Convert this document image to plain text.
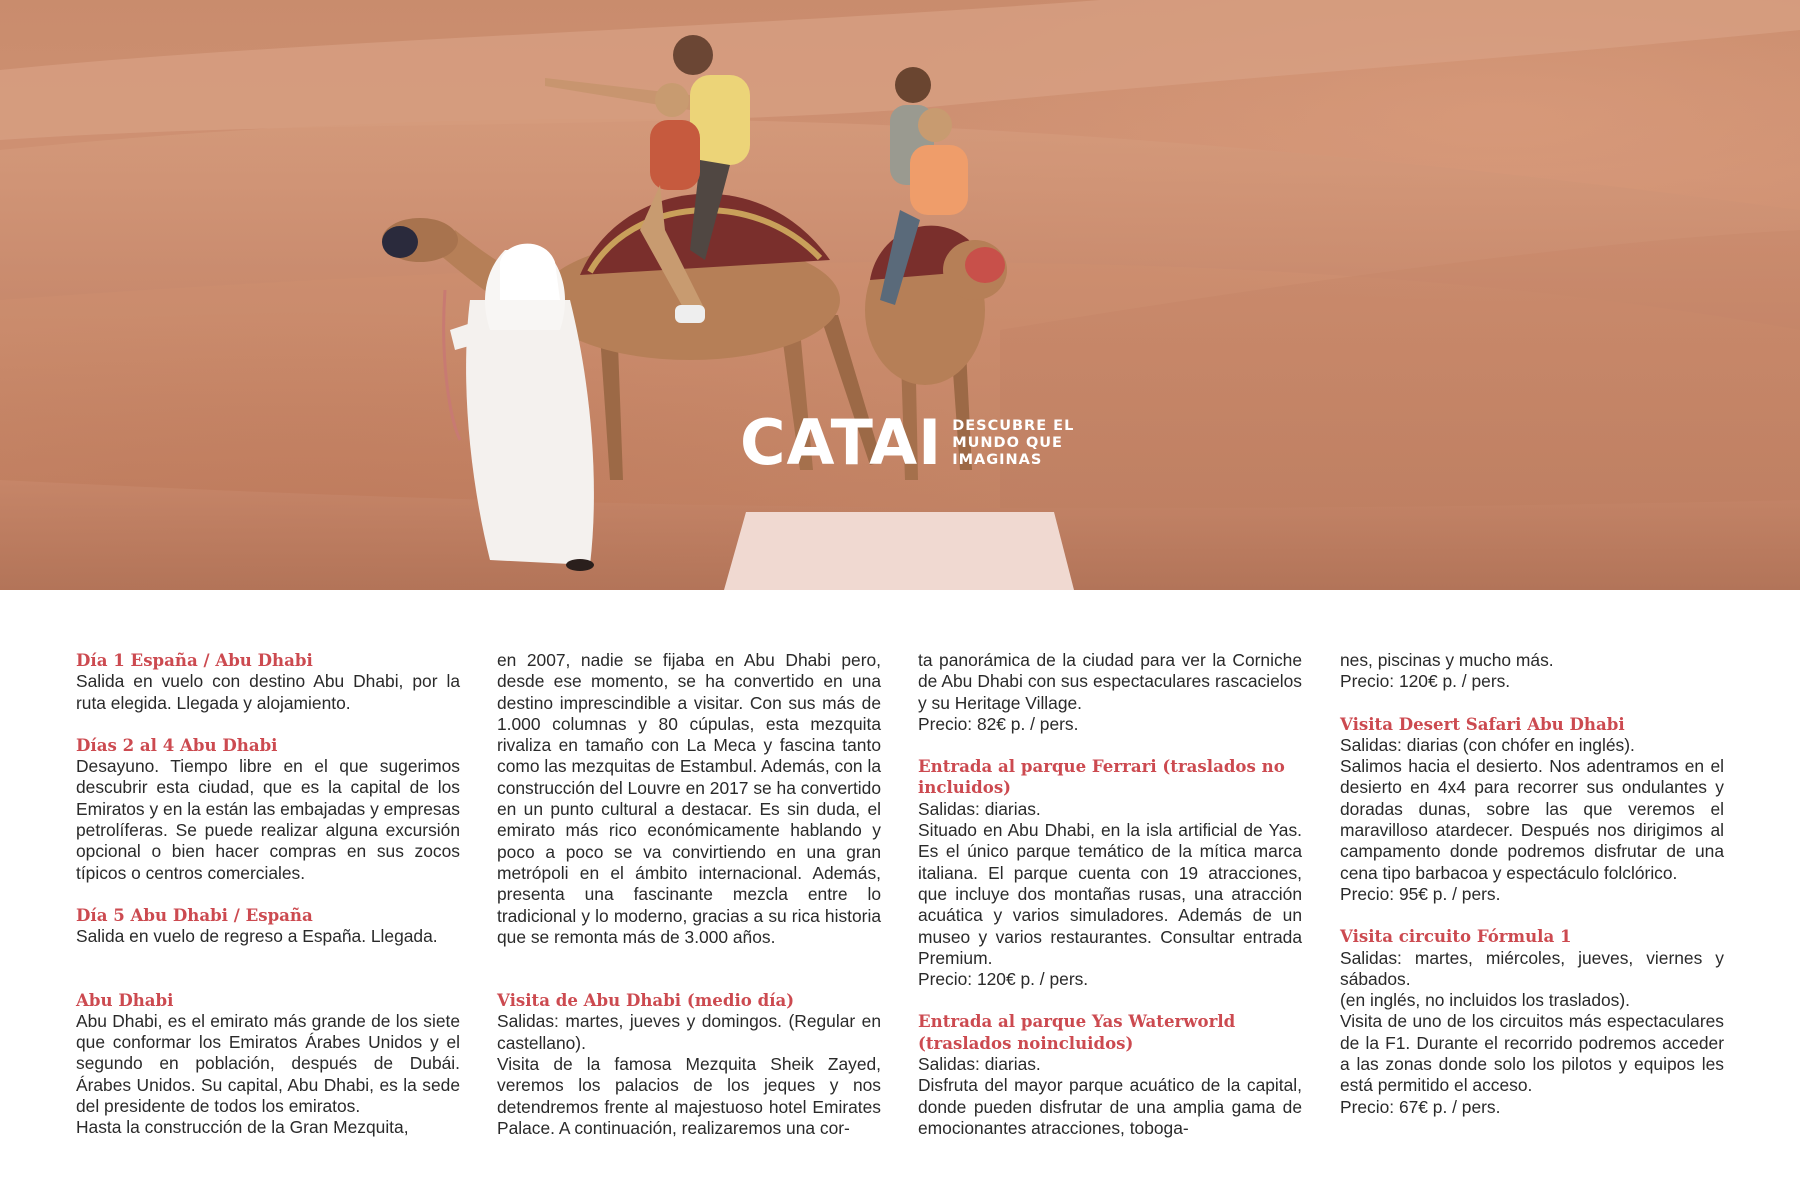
CATAI DESCUBRE EL
MUNDO QUE
IMAGINAS
Día 1 España / Abu Dhabi
Salida en vuelo con destino Abu Dhabi, por la ruta elegida. Llegada y alojamiento.
Días 2 al 4 Abu Dhabi
Desayuno. Tiempo libre en el que sugerimos descubrir esta ciudad, que es la capital de los Emiratos y en la están las embajadas y empresas petrolíferas. Se puede realizar alguna excursión opcional o bien hacer compras en sus zocos típicos o centros comerciales.
Día 5 Abu Dhabi / España
Salida en vuelo de regreso a España. Llegada.
Abu Dhabi
Abu Dhabi, es el emirato más grande de los siete que conformar los Emiratos Árabes Unidos y el segundo en población, después de Dubái. Árabes Unidos. Su capital, Abu Dhabi, es la sede del presidente de todos los emiratos.
Hasta la construcción de la Gran Mezquita,
en 2007, nadie se fijaba en Abu Dhabi pero, desde ese momento, se ha convertido en una destino imprescindible a visitar. Con sus más de 1.000 columnas y 80 cúpulas, esta mezquita rivaliza en tamaño con La Meca y fascina tanto como las mezquitas de Estambul. Además, con la construcción del Louvre en 2017 se ha convertido en un punto cultural a destacar. Es sin duda, el emirato más rico económicamente hablando y poco a poco se va convirtiendo en una gran metrópoli en el ámbito internacional. Además, presenta una fascinante mezcla entre lo tradicional y lo moderno, gracias a su rica historia que se remonta más de 3.000 años.
Visita de Abu Dhabi (medio día)
Salidas: martes, jueves y domingos. (Regular en castellano).
Visita de la famosa Mezquita Sheik Zayed, veremos los palacios de los jeques y nos detendremos frente al majestuoso hotel Emirates Palace. A continuación, realizaremos una cor-
ta panorámica de la ciudad para ver la Corniche de Abu Dhabi con sus espectaculares rascacielos y su Heritage Village.
Precio: 82€ p. / pers.
Entrada al parque Ferrari (traslados no incluidos)
Salidas: diarias.
Situado en Abu Dhabi, en la isla artificial de Yas. Es el único parque temático de la mítica marca italiana. El parque cuenta con 19 atracciones, que incluye dos montañas rusas, una atracción acuática y varios simuladores. Además de un museo y varios restaurantes. Consultar entrada Premium.
Precio: 120€ p. / pers.
Entrada al parque Yas Waterworld (traslados noincluidos)
Salidas: diarias.
Disfruta del mayor parque acuático de la capital, donde pueden disfrutar de una amplia gama de emocionantes atracciones, tobogа-
nes, piscinas y mucho más.
Precio: 120€ p. / pers.
Visita Desert Safari Abu Dhabi
Salidas: diarias (con chófer en inglés).
Salimos hacia el desierto. Nos adentramos en el desierto en 4x4 para recorrer sus ondulantes y doradas dunas, sobre las que veremos el maravilloso atardecer. Después nos dirigimos al campamento donde podremos disfrutar de una cena tipo barbacoa y espectáculo folclórico.
Precio: 95€ p. / pers.
Visita circuito Fórmula 1
Salidas: martes, miércoles, jueves, viernes y sábados.
(en inglés, no incluidos los traslados).
Visita de uno de los circuitos más espectaculares de la F1. Durante el recorrido podremos acceder a las zonas donde solo los pilotos y equipos les está permitido el acceso.
Precio: 67€ p. / pers.
